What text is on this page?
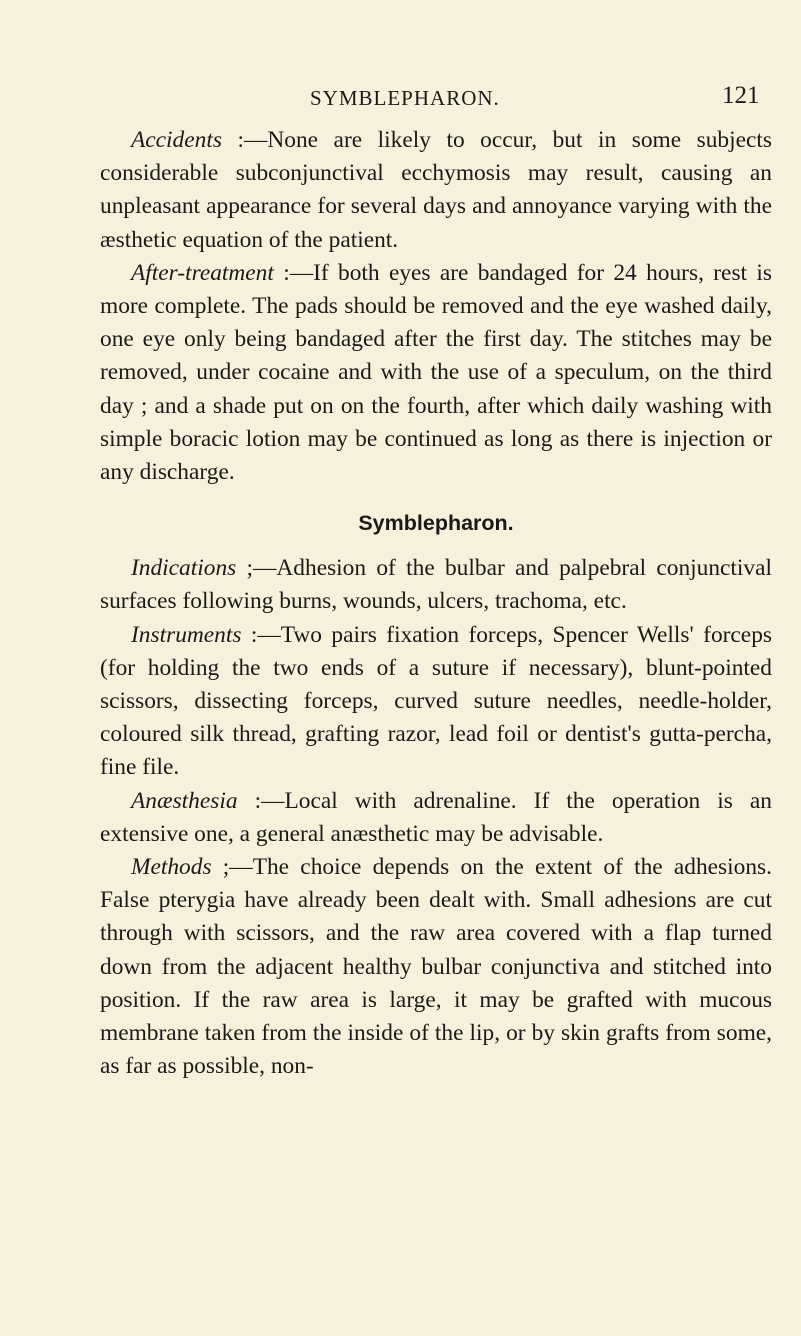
SYMBLEPHARON.	121

Accidents :—None are likely to occur, but in some subjects considerable subconjunctival ecchymosis may result, causing an unpleasant appearance for several days and annoyance varying with the æsthetic equation of the patient.

After-treatment :—If both eyes are bandaged for 24 hours, rest is more complete. The pads should be removed and the eye washed daily, one eye only being bandaged after the first day. The stitches may be removed, under cocaine and with the use of a speculum, on the third day ; and a shade put on on the fourth, after which daily washing with simple boracic lotion may be continued as long as there is injection or any discharge.

Symblepharon.

Indications ;—Adhesion of the bulbar and palpebral conjunctival surfaces following burns, wounds, ulcers, trachoma, etc.

Instruments :—Two pairs fixation forceps, Spencer Wells' forceps (for holding the two ends of a suture if necessary), blunt-pointed scissors, dissecting forceps, curved suture needles, needle-holder, coloured silk thread, grafting razor, lead foil or dentist's gutta-percha, fine file.

Anæsthesia :—Local with adrenaline. If the operation is an extensive one, a general anæsthetic may be advisable.

Methods ;—The choice depends on the extent of the adhesions. False pterygia have already been dealt with. Small adhesions are cut through with scissors, and the raw area covered with a flap turned down from the adjacent healthy bulbar conjunctiva and stitched into position. If the raw area is large, it may be grafted with mucous membrane taken from the inside of the lip, or by skin grafts from some, as far as possible, non-
